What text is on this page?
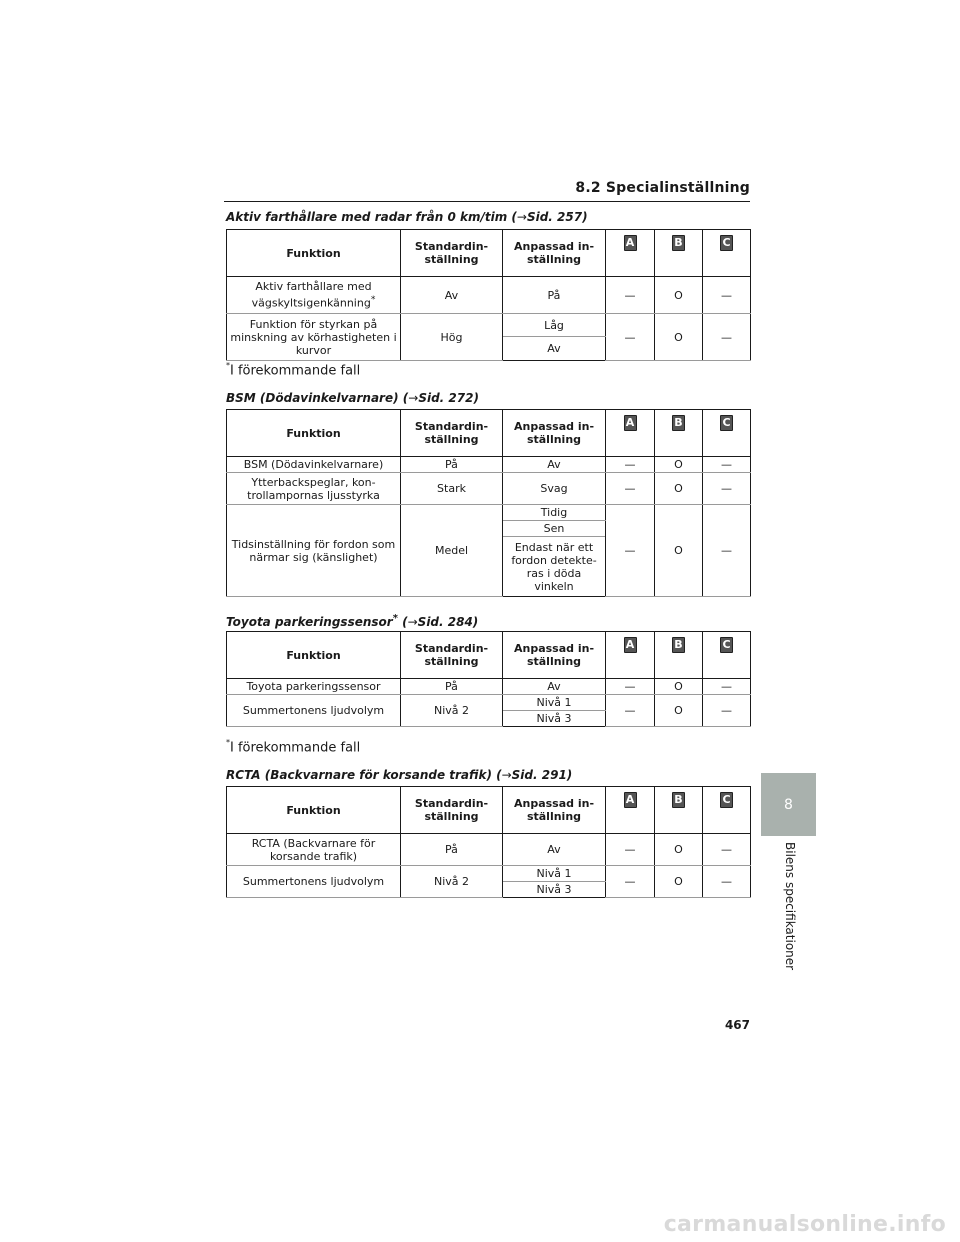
8.2 Specialinställning
Aktiv farthållare med radar från 0 km/tim (→Sid. 257)
Funktion	Standardin-ställning	Anpassad in-ställning	A	B	C
Aktiv farthållare med vägskyltsigenkänning*	Av	På	—	O	—
Funktion för styrkan på minskning av körhastigheten i kurvor	Hög	Låg	—	O	—
		Av			
*I förekommande fall
BSM (Dödavinkelvarnare) (→Sid. 272)
Funktion	Standardin-ställning	Anpassad in-ställning	A	B	C
BSM (Dödavinkelvarnare)	På	Av	—	O	—
Ytterbackspeglar, kon-trollampornas ljusstyrka	Stark	Svag	—	O	—
Tidsinställning för fordon som närmar sig (känslighet)	Medel	Tidig	—	O	—
		Sen			
		Endast när ett fordon detekte-ras i döda vinkeln			
Toyota parkeringssensor* (→Sid. 284)
Funktion	Standardin-ställning	Anpassad in-ställning	A	B	C
Toyota parkeringssensor	På	Av	—	O	—
Summertonens ljudvolym	Nivå 2	Nivå 1	—	O	—
		Nivå 3			
*I förekommande fall
RCTA (Backvarnare för korsande trafik) (→Sid. 291)
Funktion	Standardin-ställning	Anpassad in-ställning	A	B	C
RCTA (Backvarnare för korsande trafik)	På	Av	—	O	—
Summertonens ljudvolym	Nivå 2	Nivå 1	—	O	—
		Nivå 3			
8
Bilens specifikationer
467
carmanualsonline.info
